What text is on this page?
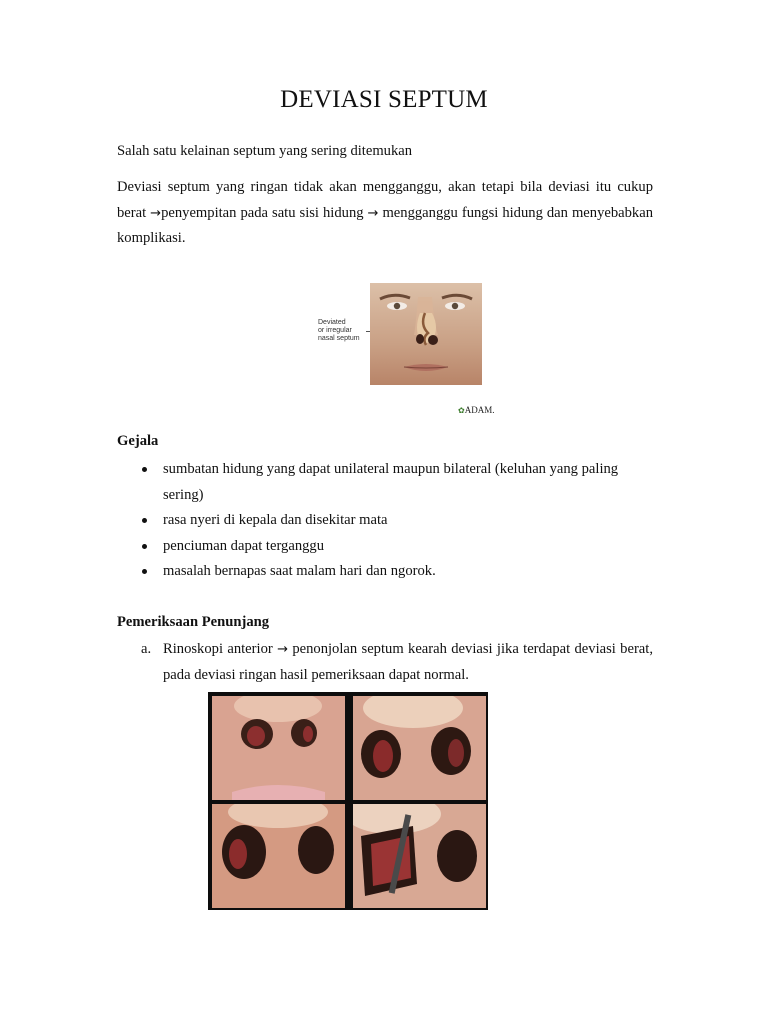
DEVIASI SEPTUM
Salah satu kelainan septum yang sering ditemukan
Deviasi septum yang ringan tidak akan mengganggu, akan tetapi bila deviasi itu cukup berat →penyempitan pada satu sisi hidung → mengganggu fungsi hidung dan menyebabkan komplikasi.
Deviated
or irregular
nasal septum
✿ADAM.
Gejala
sumbatan hidung yang dapat unilateral maupun bilateral (keluhan yang paling sering)
rasa nyeri di kepala dan disekitar mata
penciuman dapat terganggu
masalah bernapas saat malam hari dan ngorok.
Pemeriksaan Penunjang
a. Rinoskopi anterior → penonjolan septum kearah deviasi jika terdapat deviasi berat, pada deviasi ringan hasil pemeriksaan dapat normal.
